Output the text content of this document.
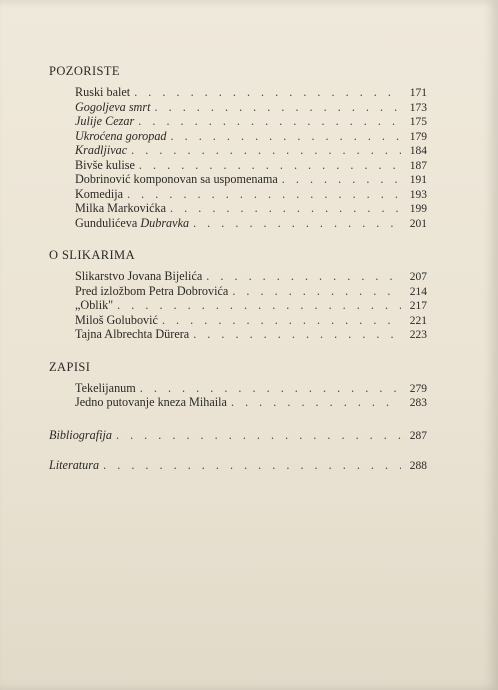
POZORISTE
Ruski balet . . .	171
Gogoljeva smrt . . .	173
Julije Cezar . . .	175
Ukroćena goropad . . .	179
Kradljivac . . .	184
Bivše kulise . . .	187
Dobrinović komponovan sa uspomenama . . .	191
Komedija . . .	193
Milka Markovićka . . .	199
Gundulićeva Dubravka . . .	201
O SLIKARIMA
Slikarstvo Jovana Bijelića . . .	207
Pred izložbom Petra Dobrovića . . .	214
„Oblik" . . .	217
Miloš Golubović . . .	221
Tajna Albrechta Dürera . . .	223
ZAPISI
Tekelijanum . . .	279
Jedno putovanje kneza Mihaila . . .	283
Bibliografija . . .	287
Literatura . . .	288
